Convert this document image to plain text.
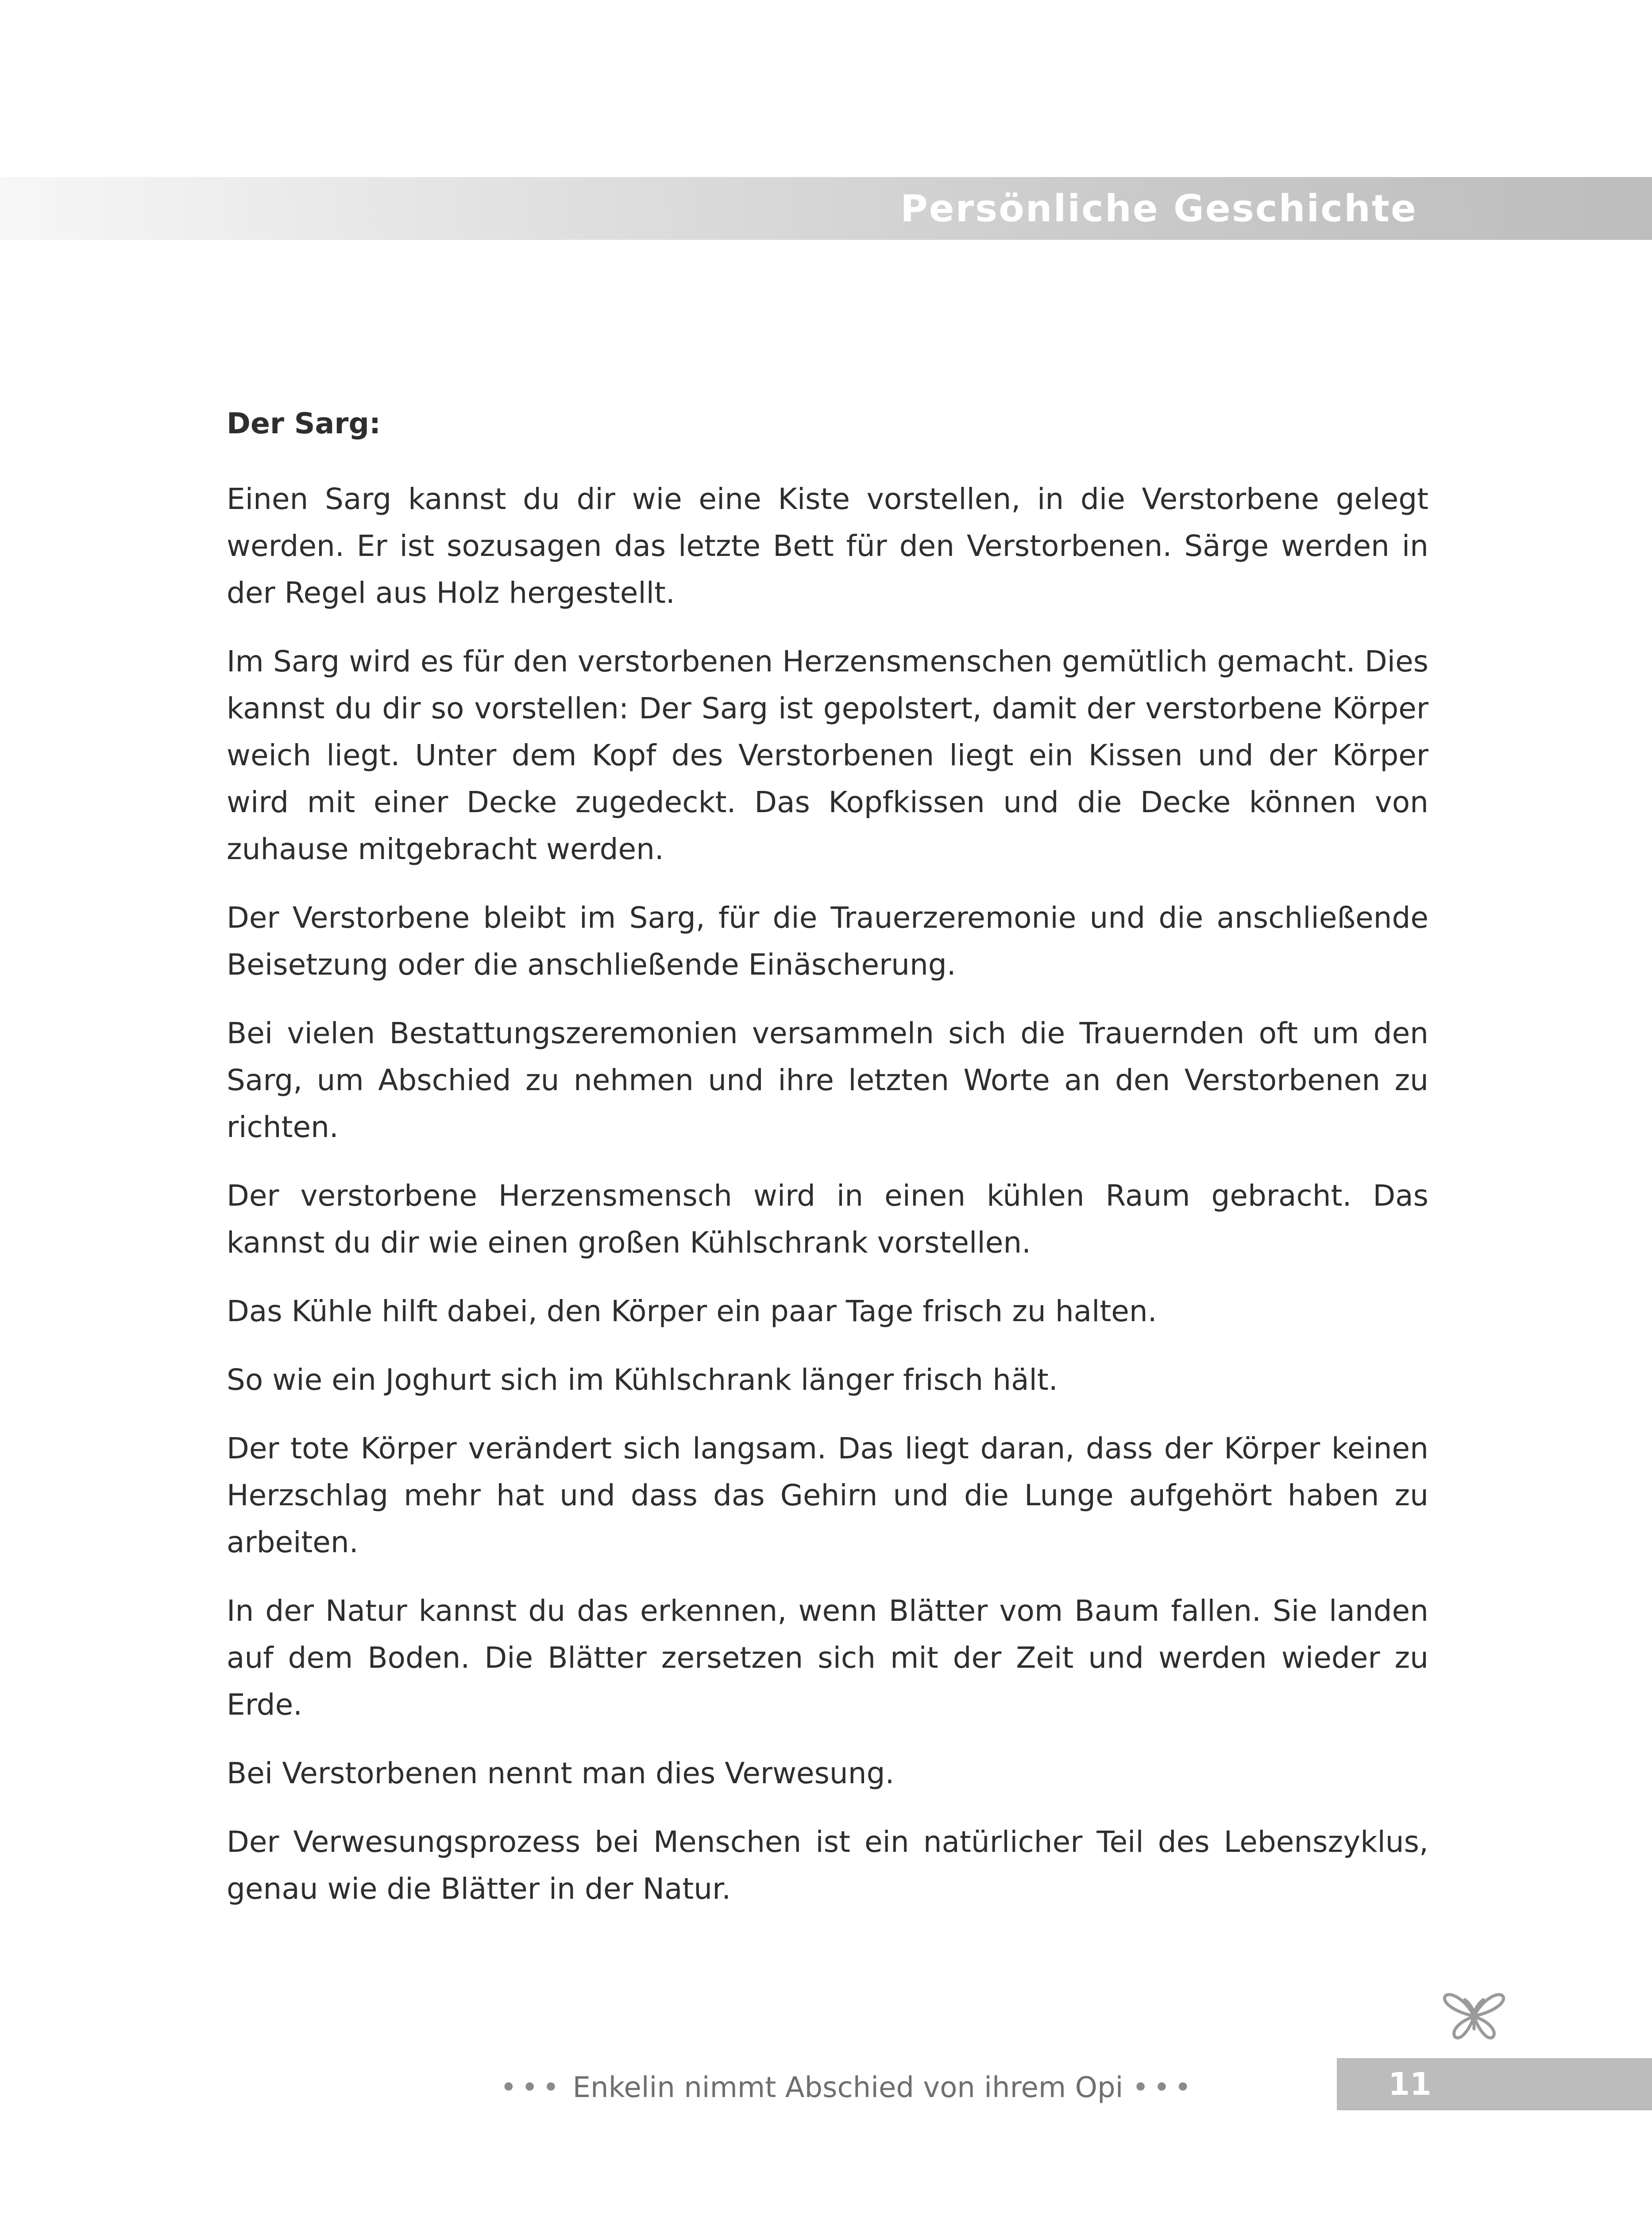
Persönliche Geschichte
Der Sarg:

Einen Sarg kannst du dir wie eine Kiste vorstellen, in die Verstorbene gelegt werden. Er ist sozusagen das letzte Bett für den Verstorbenen. Särge werden in der Regel aus Holz hergestellt.

Im Sarg wird es für den verstorbenen Herzensmenschen gemütlich gemacht. Dies kannst du dir so vorstellen: Der Sarg ist gepolstert, damit der verstorbene Körper weich liegt. Unter dem Kopf des Verstorbenen liegt ein Kissen und der Körper wird mit einer Decke zugedeckt. Das Kopfkissen und die Decke können von zuhause mitgebracht werden.

Der Verstorbene bleibt im Sarg, für die Trauerzeremonie und die anschließende Beisetzung oder die anschließende Einäscherung.

Bei vielen Bestattungszeremonien versammeln sich die Trauernden oft um den Sarg, um Abschied zu nehmen und ihre letzten Worte an den Verstorbenen zu richten.

Der verstorbene Herzensmensch wird in einen kühlen Raum gebracht. Das kannst du dir wie einen großen Kühlschrank vorstellen.

Das Kühle hilft dabei, den Körper ein paar Tage frisch zu halten.

So wie ein Joghurt sich im Kühlschrank länger frisch hält.

Der tote Körper verändert sich langsam. Das liegt daran, dass der Körper keinen Herzschlag mehr hat und dass das Gehirn und die Lunge aufgehört haben zu arbeiten.

In der Natur kannst du das erkennen, wenn Blätter vom Baum fallen. Sie landen auf dem Boden. Die Blätter zersetzen sich mit der Zeit und werden wieder zu Erde.

Bei Verstorbenen nennt man dies Verwesung.

Der Verwesungsprozess bei Menschen ist ein natürlicher Teil des Lebenszyklus, genau wie die Blätter in der Natur.

••• Enkelin nimmt Abschied von ihrem Opi •••	11
